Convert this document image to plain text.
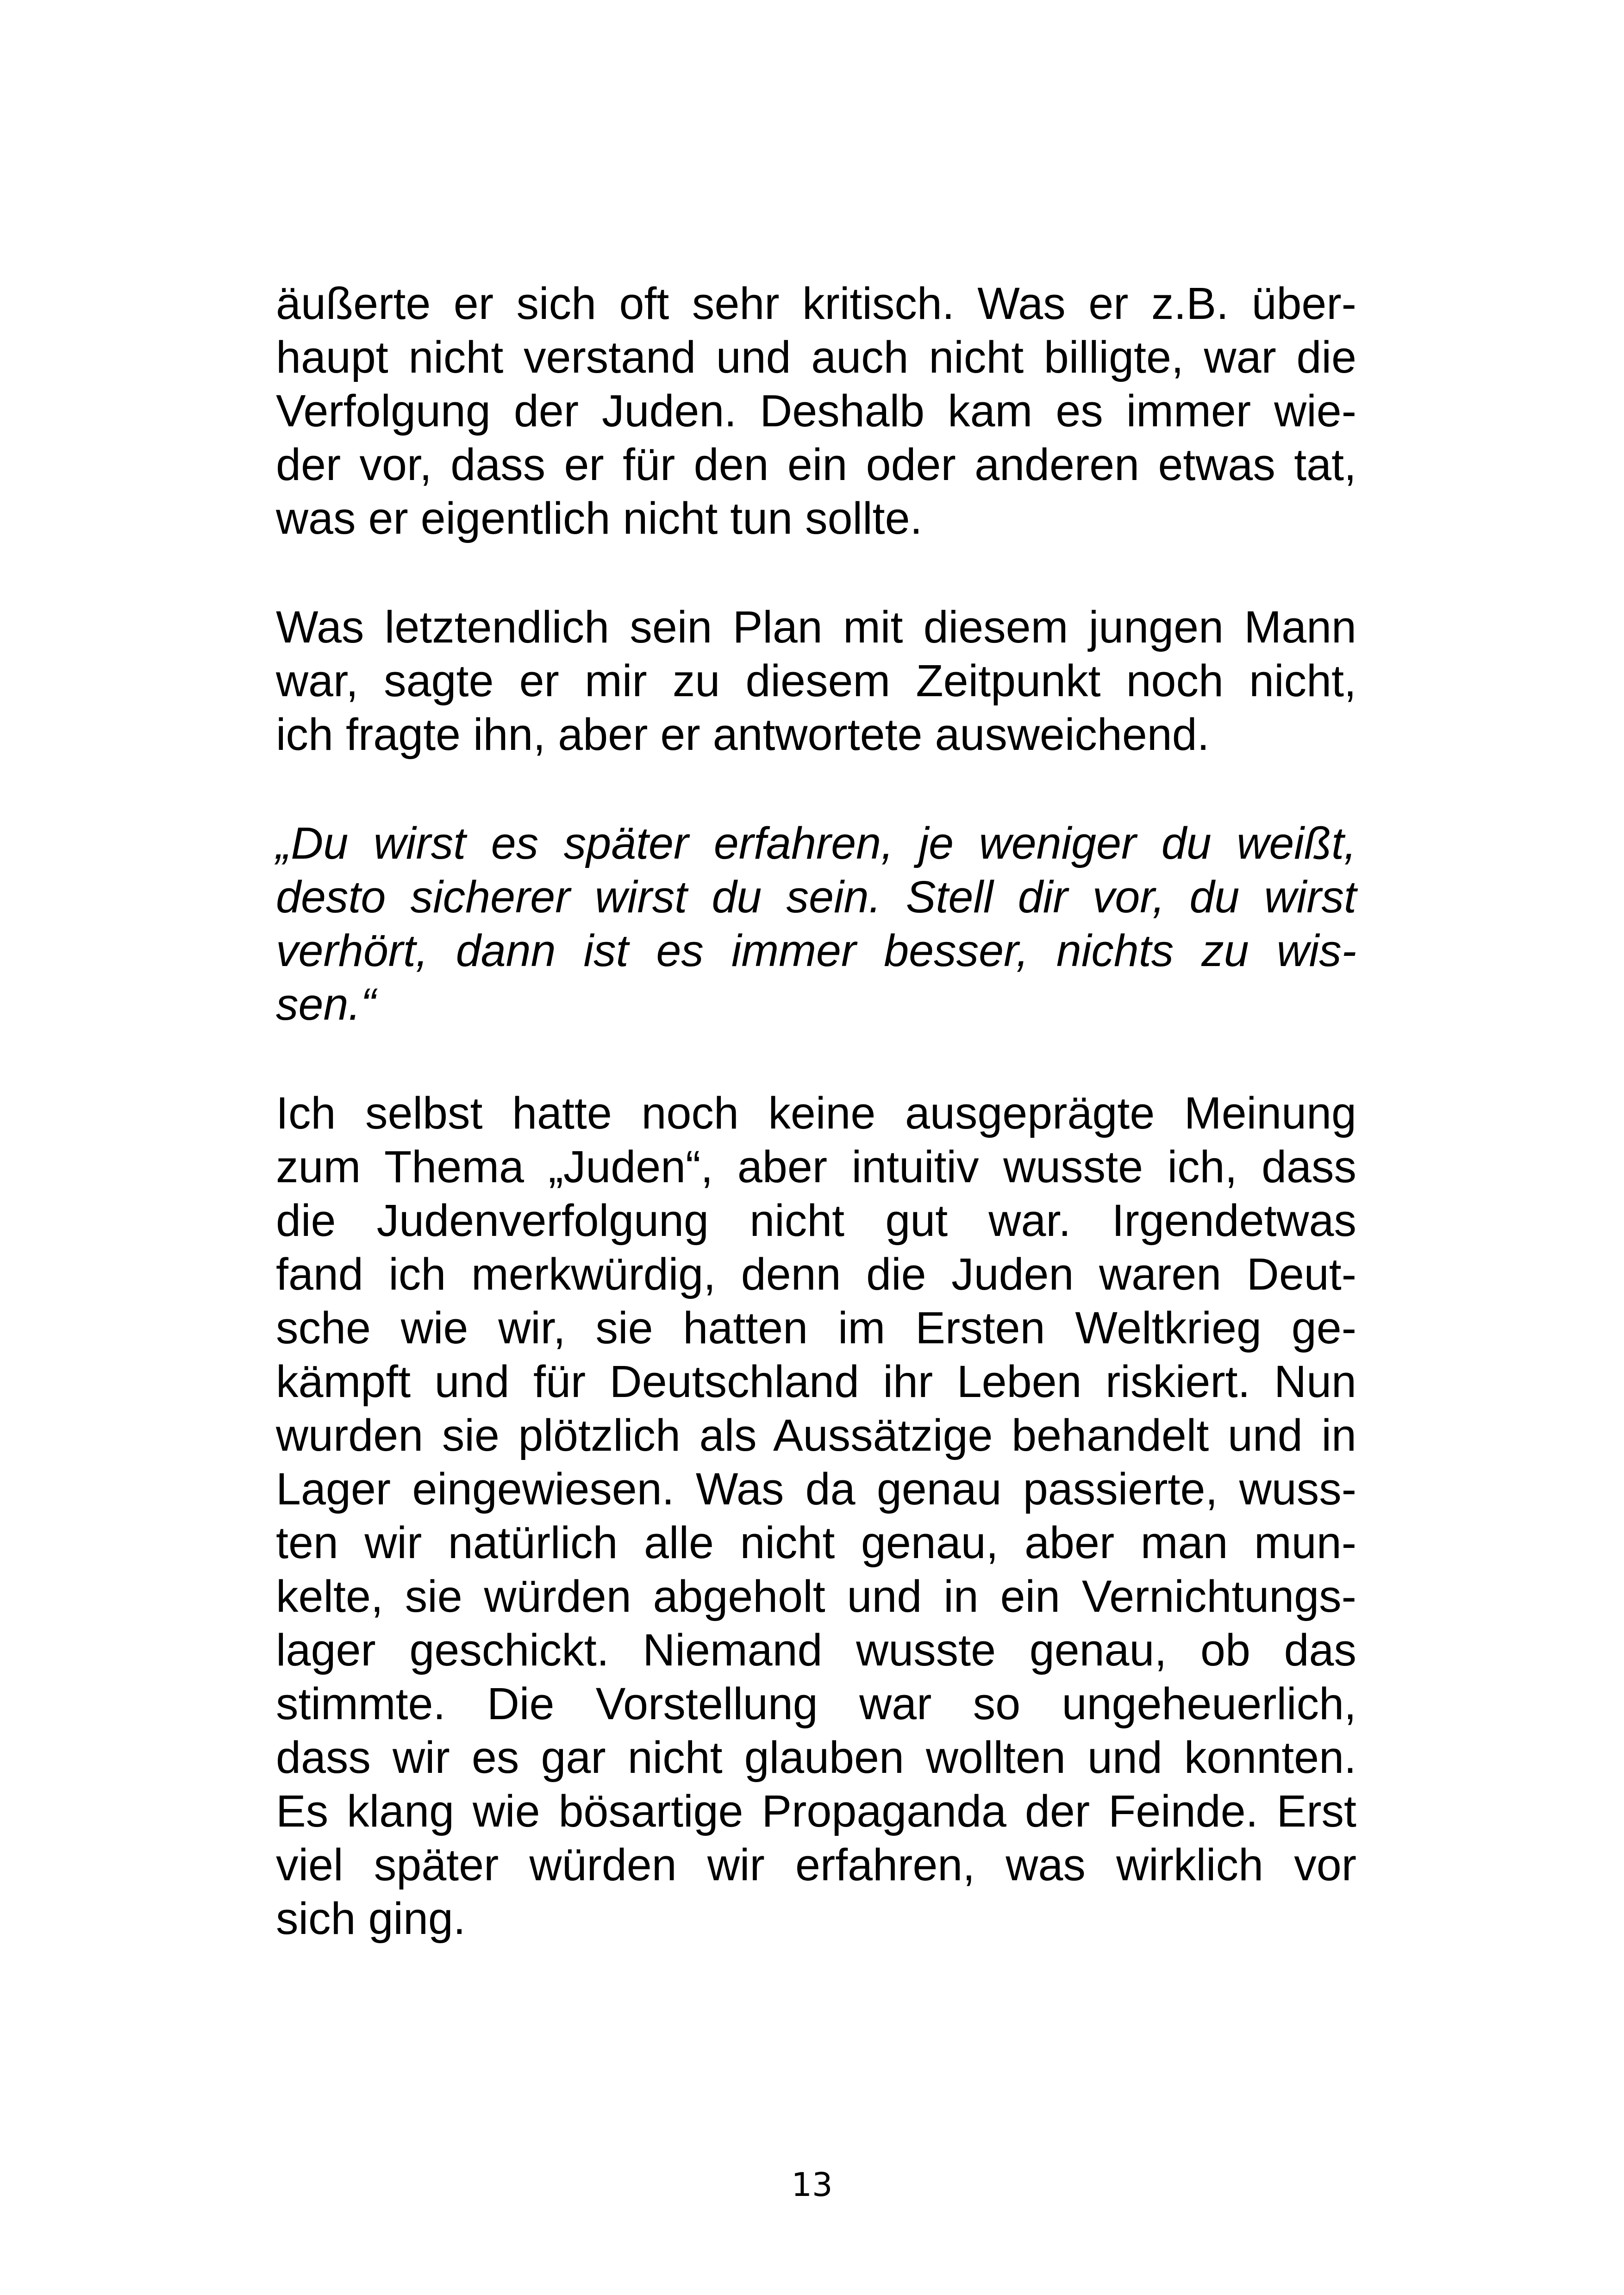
äußerte er sich oft sehr kritisch. Was er z.B. über-
haupt nicht verstand und auch nicht billigte, war die
Verfolgung der Juden. Deshalb kam es immer wie-
der vor, dass er für den ein oder anderen etwas tat,
was er eigentlich nicht tun sollte.
Was letztendlich sein Plan mit diesem jungen Mann
war, sagte er mir zu diesem Zeitpunkt noch nicht,
ich fragte ihn, aber er antwortete ausweichend.
„Du wirst es später erfahren, je weniger du weißt,
desto sicherer wirst du sein. Stell dir vor, du wirst
verhört, dann ist es immer besser, nichts zu wis-
sen.“
Ich selbst hatte noch keine ausgeprägte Meinung
zum Thema „Juden“, aber intuitiv wusste ich, dass
die Judenverfolgung nicht gut war. Irgendetwas
fand ich merkwürdig, denn die Juden waren Deut-
sche wie wir, sie hatten im Ersten Weltkrieg ge-
kämpft und für Deutschland ihr Leben riskiert. Nun
wurden sie plötzlich als Aussätzige behandelt und in
Lager eingewiesen. Was da genau passierte, wuss-
ten wir natürlich alle nicht genau, aber man mun-
kelte, sie würden abgeholt und in ein Vernichtungs-
lager geschickt. Niemand wusste genau, ob das
stimmte. Die Vorstellung war so ungeheuerlich,
dass wir es gar nicht glauben wollten und konnten.
Es klang wie bösartige Propaganda der Feinde. Erst
viel später würden wir erfahren, was wirklich vor
sich ging.
13
